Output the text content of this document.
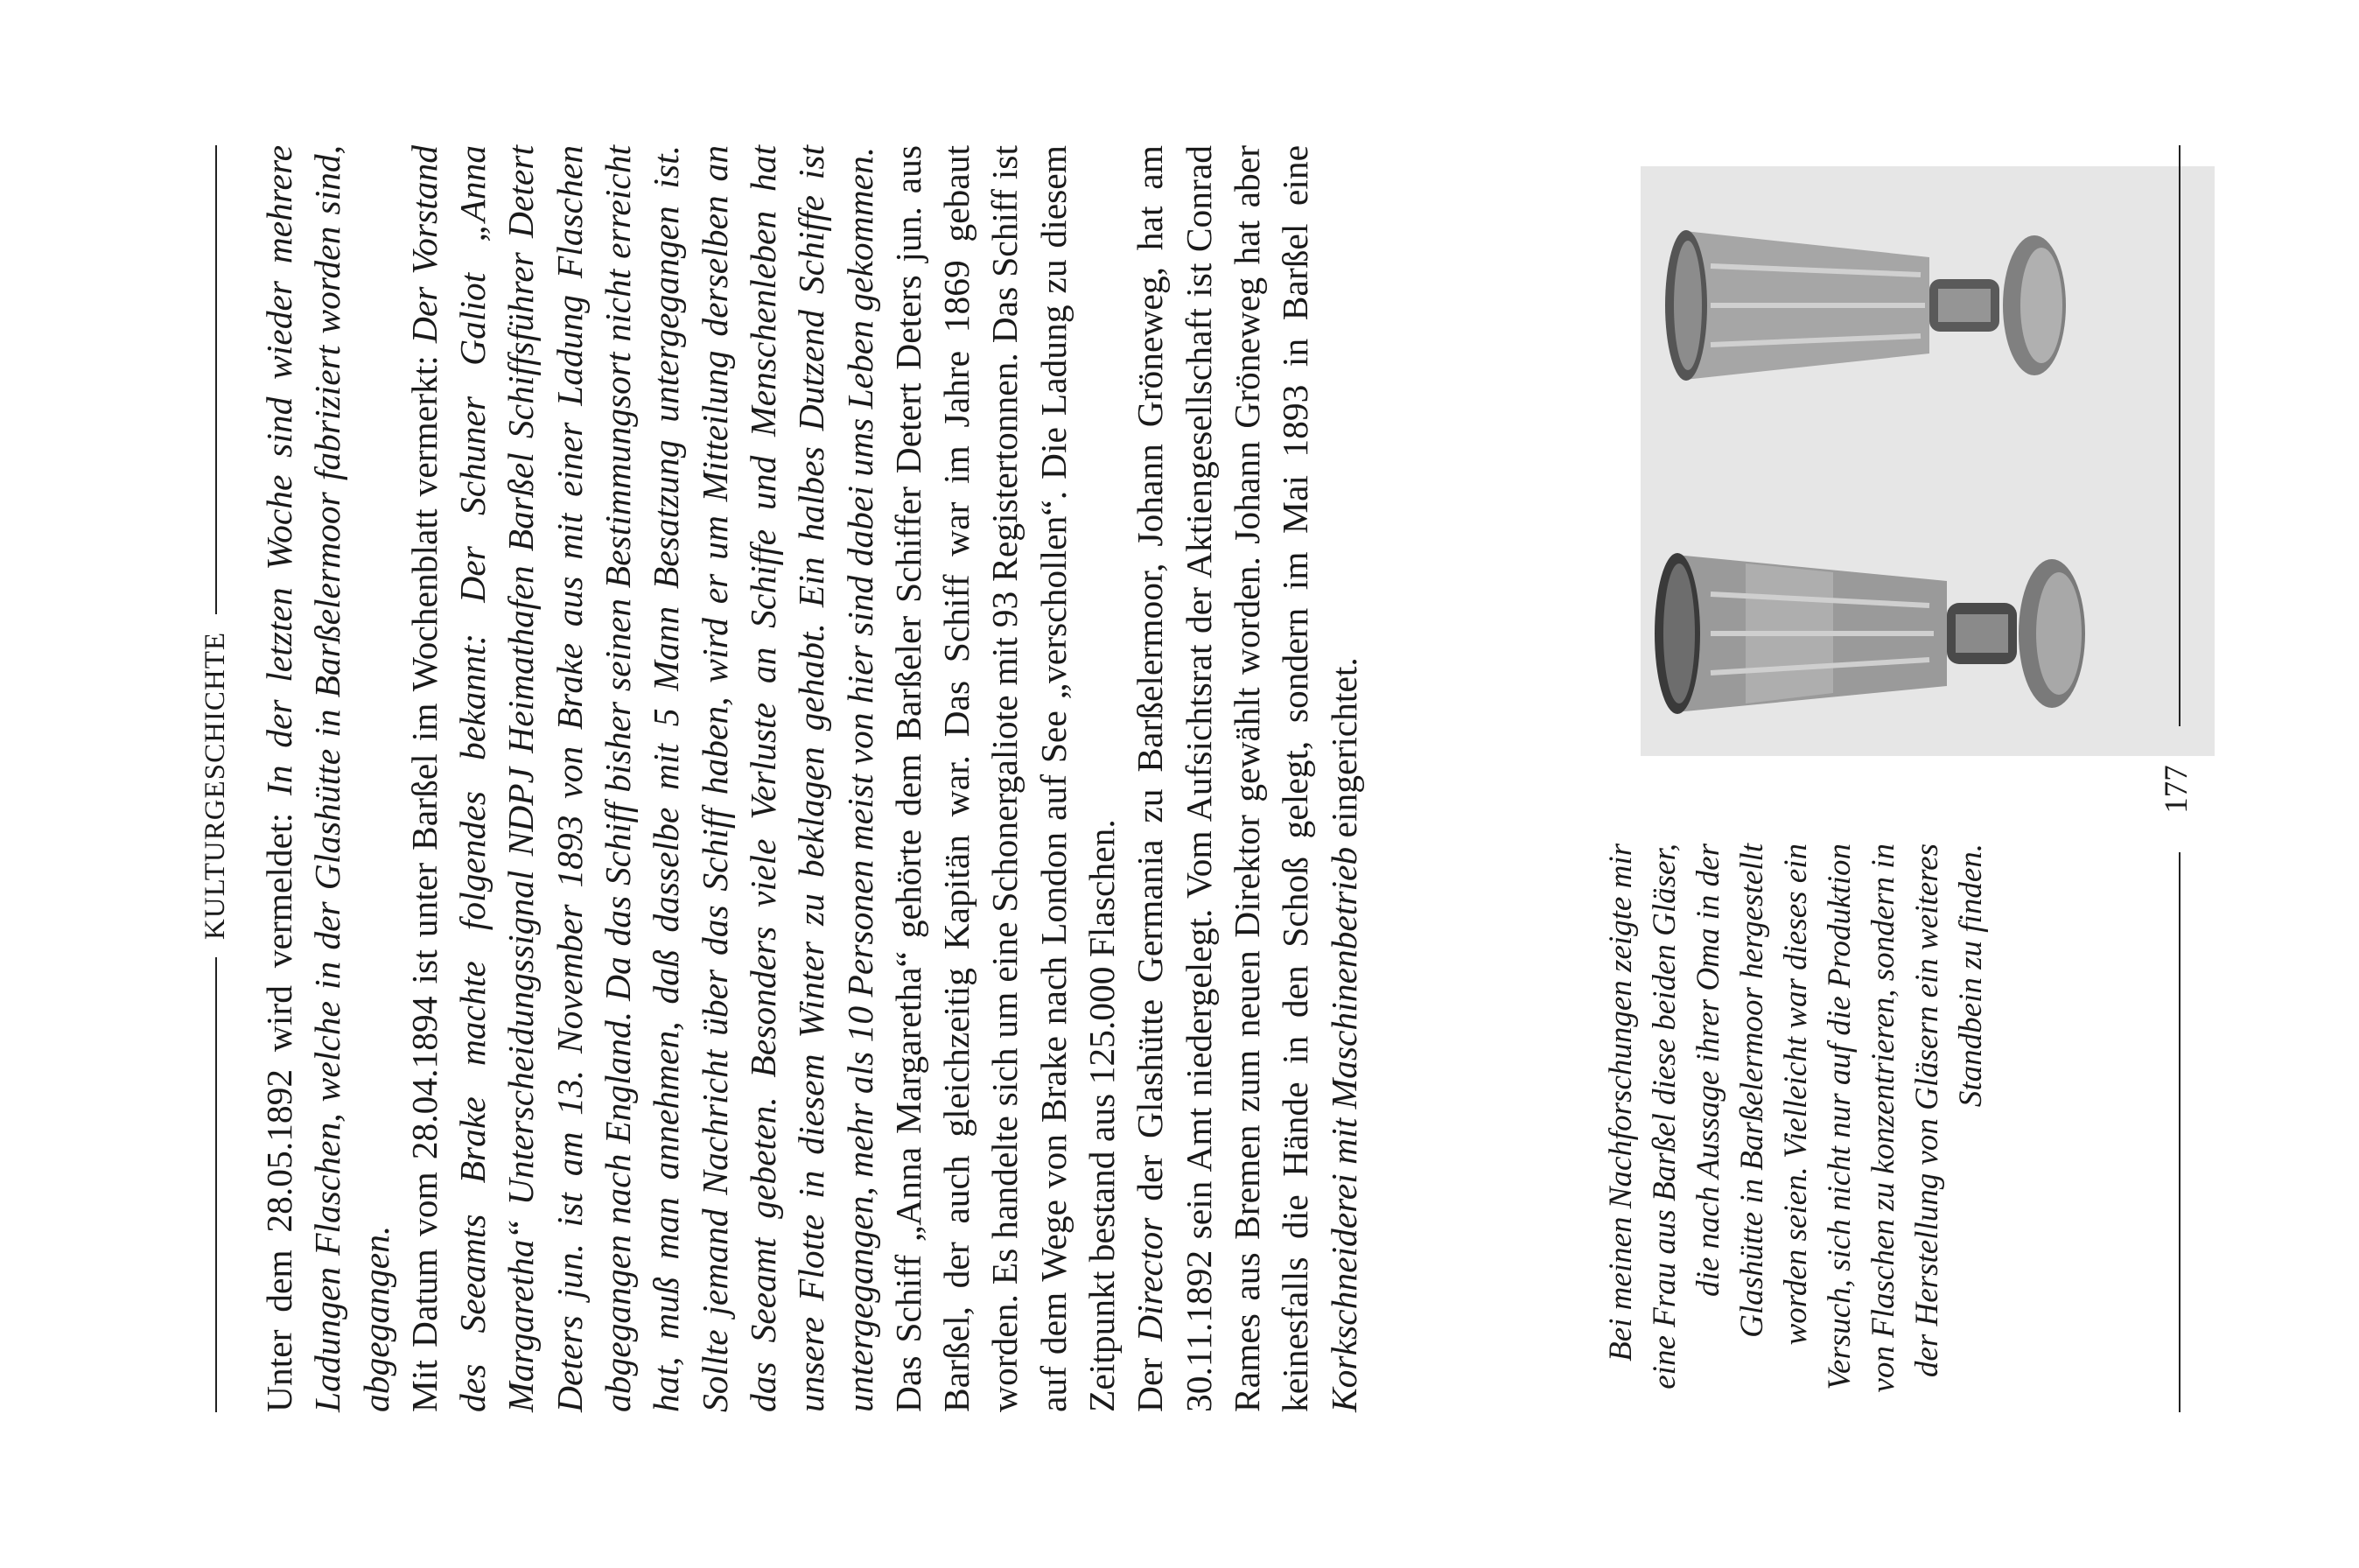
KULTURGESCHICHTE

Unter dem 28.05.1892 wird vermeldet: In der letzten Woche sind wieder mehrere Ladungen Flaschen, welche in der Glashütte in Barßelermoor fabriziert worden sind, abgegangen. Mit Datum vom 28.04.1894 ist unter Barßel im Wochenblatt vermerkt: Der Vorstand des Seeamts Brake machte folgendes bekannt: Der Schuner Galiot „Anna Margaretha“ Unterscheidungssignal NDPJ Heimathafen Barßel Schiffsführer Detert Deters jun. ist am 13. November 1893 von Brake aus mit einer Ladung Flaschen abgegangen nach England. Da das Schiff bisher seinen Bestimmungsort nicht erreicht hat, muß man annehmen, daß dasselbe mit 5 Mann Besatzung untergegangen ist. Sollte jemand Nachricht über das Schiff haben, wird er um Mitteilung derselben an das Seeamt gebeten. Besonders viele Verluste an Schiffe und Menschenleben hat unsere Flotte in diesem Winter zu beklagen gehabt. Ein halbes Dutzend Schiffe ist untergegangen, mehr als 10 Personen meist von hier sind dabei ums Leben gekommen. Das Schiff „Anna Margaretha“ gehörte dem Barßeler Schiffer Detert Deters jun. aus Barßel, der auch gleichzeitig Kapitän war. Das Schiff war im Jahre 1869 gebaut worden. Es handelte sich um eine Schonergaliote mit 93 Registertonnen. Das Schiff ist auf dem Wege von Brake nach London auf See „verschollen“. Die Ladung zu diesem Zeitpunkt bestand aus 125.000 Flaschen. Der Director der Glashütte Germania zu Barßelermoor, Johann Gröneweg, hat am 30.11.1892 sein Amt niedergelegt. Vom Aufsichtsrat der Aktiengesellschaft ist Conrad Rames aus Bremen zum neuen Direktor gewählt worden. Johann Gröneweg hat aber keinesfalls die Hände in den Schoß gelegt, sondern im Mai 1893 in Barßel eine Korkschneiderei mit Maschinenbetrieb eingerichtet.

Bei meinen Nachforschungen zeigte mir eine Frau aus Barßel diese beiden Gläser, die nach Aussage ihrer Oma in der Glashütte in Barßelermoor hergestellt worden seien. Vielleicht war dieses ein Versuch, sich nicht nur auf die Produktion von Flaschen zu konzentrieren, sondern in der Herstellung von Gläsern ein weiteres Standbein zu finden.
177
